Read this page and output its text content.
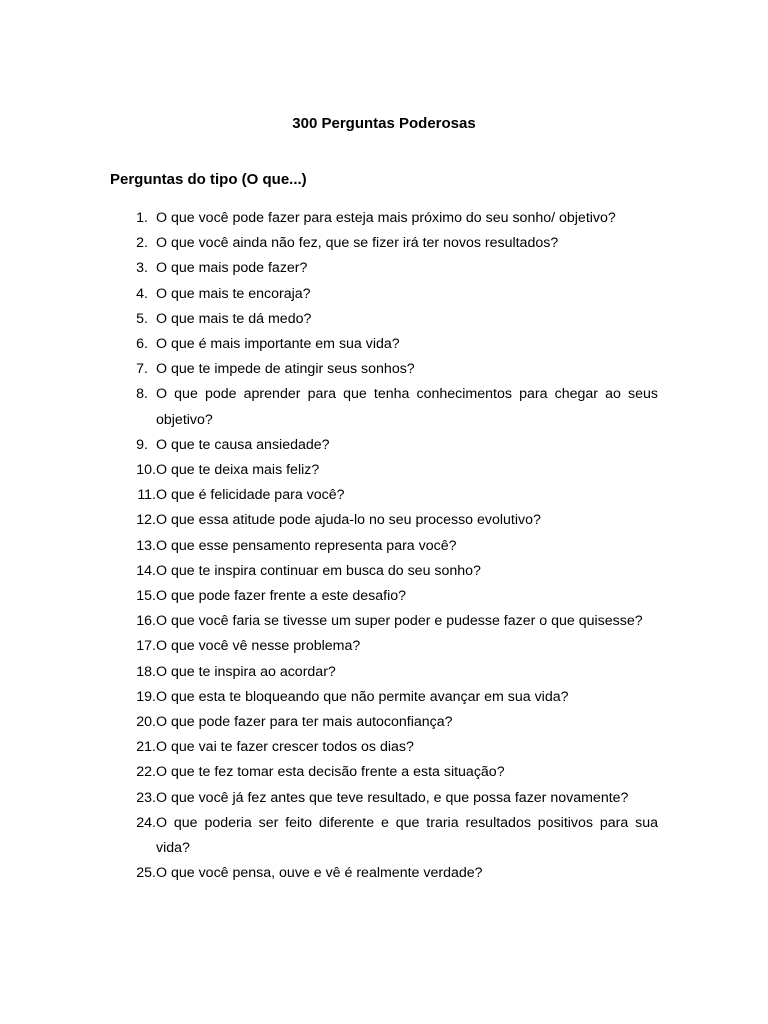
300 Perguntas Poderosas
Perguntas do tipo (O que...)
1. O que você pode fazer para esteja mais próximo do seu sonho/ objetivo?
2. O que você ainda não fez, que se fizer irá ter novos resultados?
3. O que mais pode fazer?
4. O que mais te encoraja?
5. O que mais te dá medo?
6. O que é mais importante em sua vida?
7. O que te impede de atingir seus sonhos?
8. O que pode aprender para que tenha conhecimentos para chegar ao seus objetivo?
9. O que te causa ansiedade?
10. O que te deixa mais feliz?
11. O que é felicidade para você?
12. O que essa atitude pode ajuda-lo no seu processo evolutivo?
13. O que esse pensamento representa para você?
14. O que te inspira continuar em busca do seu sonho?
15. O que pode fazer frente a este desafio?
16. O que você faria se tivesse um super poder e pudesse fazer o que quisesse?
17. O que você vê nesse problema?
18. O que te inspira ao acordar?
19. O que esta te bloqueando que não permite avançar em sua vida?
20. O que pode fazer para ter mais autoconfiança?
21. O que vai te fazer crescer todos os dias?
22. O que te fez tomar esta decisão frente a esta situação?
23. O que você já fez antes que teve resultado, e que possa fazer novamente?
24. O que poderia ser feito diferente e que traria resultados positivos para sua vida?
25. O que você pensa, ouve e vê é realmente verdade?
